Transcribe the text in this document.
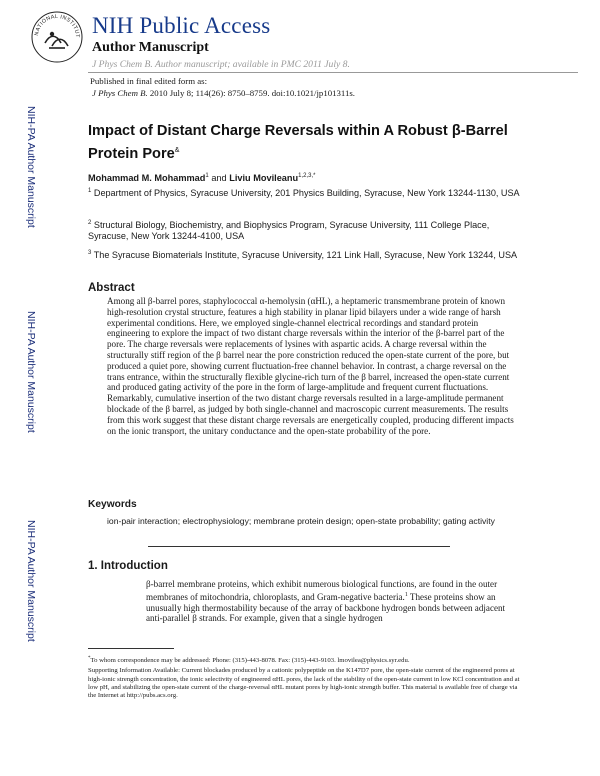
NATIONAL INSTITUT NIH Public Access
Author Manuscript
J Phys Chem B. Author manuscript; available in PMC 2011 July 8.
Published in final edited form as:
J Phys Chem B. 2010 July 8; 114(26): 8750–8759. doi:10.1021/jp101311s.
NIH-PA Author Manuscript
NIH-PA Author Manuscript
NIH-PA Author Manuscript
Impact of Distant Charge Reversals within A Robust β-Barrel Protein Pore&
Mohammad M. Mohammad$^1$ and Liviu Movileanu$^{1,2,3,*}$
$^1$ Department of Physics, Syracuse University, 201 Physics Building, Syracuse, New York 13244-1130, USA
$^2$ Structural Biology, Biochemistry, and Biophysics Program, Syracuse University, 111 College Place, Syracuse, New York 13244-4100, USA
$^3$ The Syracuse Biomaterials Institute, Syracuse University, 121 Link Hall, Syracuse, New York 13244, USA
Abstract
Among all β-barrel pores, staphylococcal α-hemolysin (αHL), a heptameric transmembrane protein of known high-resolution crystal structure, features a high stability in planar lipid bilayers under a wide range of harsh experimental conditions. Here, we employed single-channel electrical recordings and standard protein engineering to explore the impact of two distant charge reversals within the interior of the β-barrel part of the pore. The charge reversals were replacements of lysines with aspartic acids. A charge reversal within the structurally stiff region of the β barrel near the pore constriction reduced the open-state current of the pore, but produced a quiet pore, showing current fluctuation-free channel behavior. In contrast, a charge reversal on the trans entrance, within the structurally flexible glycine-rich turn of the β barrel, increased the open-state current and produced gating activity of the pore in the form of large-amplitude and frequent current fluctuations. Remarkably, cumulative insertion of the two distant charge reversals resulted in a large-amplitude permanent blockade of the β barrel, as judged by both single-channel and macroscopic current measurements. The results from this work suggest that these distant charge reversals are energetically coupled, producing different impacts on the ionic transport, the unitary conductance and the open-state probability of the pore.
Keywords
ion-pair interaction; electrophysiology; membrane protein design; open-state probability; gating activity
1. Introduction
β-barrel membrane proteins, which exhibit numerous biological functions, are found in the outer membranes of mitochondria, chloroplasts, and Gram-negative bacteria.$^1$ These proteins show an unusually high thermostability because of the array of backbone hydrogen bonds between adjacent anti-parallel β strands. For example, given that a single hydrogen

*To whom correspondence may be addressed: Phone: (315)-443-8078. Fax: (315)-443-9103. lmovilea@physics.syr.edu.

Supporting Information Available: Current blockades produced by a cationic polypeptide on the K147D7 pore, the open-state current of the engineered pores at high-ionic strength concentration, the ionic selectivity of engineered αHL pores, the lack of the stability of the open-state current in low KCl concentration and at low pH, and stabilizing the open-state current of the charge-reversal αHL mutant pores by high-ionic strength buffer. This material is available free of charge via the Internet at http://pubs.acs.org.
